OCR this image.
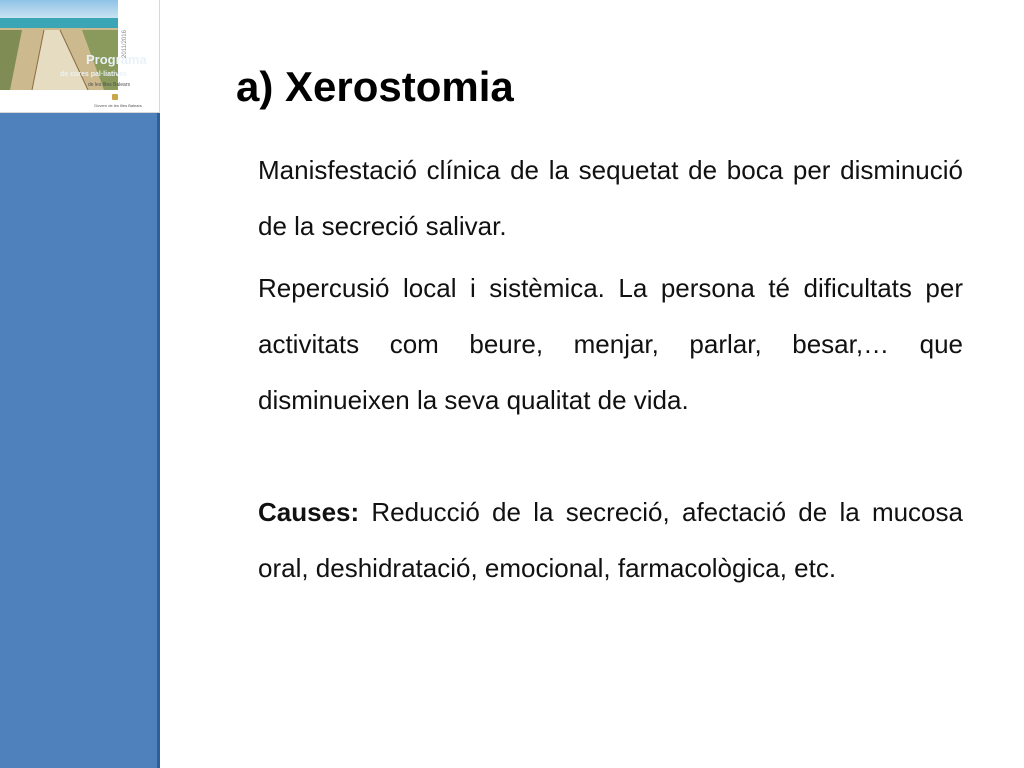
Programa
de cures pal·liatives
de les Illes Balears
2011/2016
Govern de les Illes Balears a) Xerostomia

Manisfestació clínica de la sequetat de boca per disminució de la secreció salivar.

Repercusió local i sistèmica. La persona té dificultats per activitats com beure, menjar, parlar, besar,… que disminueixen la seva qualitat de vida.

Causes: Reducció de la secreció, afectació de la mucosa oral, deshidratació, emocional, farmacològica, etc.
